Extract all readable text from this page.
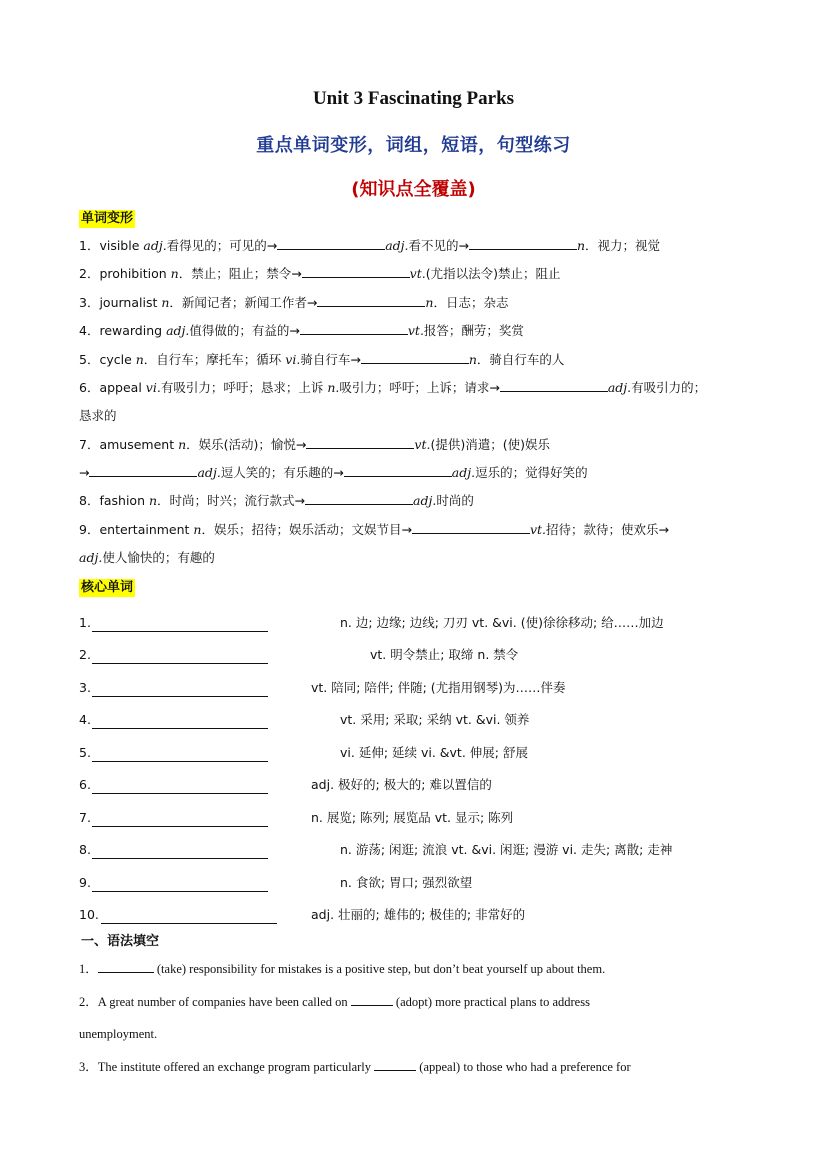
Unit 3 Fascinating Parks
重点单词变形，词组，短语，句型练习
(知识点全覆盖)
单词变形
1．visible adj.看得见的；可见的→	adj.看不见的→	n．视力；视觉
2．prohibition n．禁止；阻止；禁令→	vt.(尤指以法令)禁止；阻止
3．journalist n．新闻记者；新闻工作者→	n．日志；杂志
4．rewarding adj.值得做的；有益的→	vt.报答；酬劳；奖赏
5．cycle n．自行车；摩托车；循环 vi.骑自行车→	n．骑自行车的人
6．appeal vi.有吸引力；呼吁；恳求；上诉 n.吸引力；呼吁；上诉；请求→	adj.有吸引力的；
恳求的
7．amusement n．娱乐(活动)；愉悦→	vt.(提供)消遣；(使)娱乐
→	adj.逗人笑的；有乐趣的→	adj.逗乐的；觉得好笑的
8．fashion n．时尚；时兴；流行款式→	adj.时尚的
9．entertainment n．娱乐；招待；娱乐活动；文娱节目→	vt.招待；款待；使欢乐→
adj.使人愉快的；有趣的
核心单词
1.	n. 边; 边缘; 边线; 刀刃 vt. &vi. (使)徐徐移动; 给……加边
2.	vt. 明令禁止; 取缔 n. 禁令
3.	vt. 陪同; 陪伴; 伴随; (尤指用钢琴)为……伴奏
4.	vt. 采用; 采取; 采纳 vt. &vi. 领养
5.	vi. 延伸; 延续 vi. &vt. 伸展; 舒展
6.	adj. 极好的; 极大的; 难以置信的
7.	n. 展览; 陈列; 展览品 vt. 显示; 陈列
8.	n. 游荡; 闲逛; 流浪 vt. &vi. 闲逛; 漫游 vi. 走失; 离散; 走神
9.	n. 食欲; 胃口; 强烈欲望
10.	adj. 壮丽的; 雄伟的; 极佳的; 非常好的
一、语法填空
1．	(take) responsibility for mistakes is a positive step, but don’t beat yourself up about them.
2．A great number of companies have been called on	(adopt) more practical plans to address
unemployment.
3．The institute offered an exchange program particularly	(appeal) to those who had a preference for
